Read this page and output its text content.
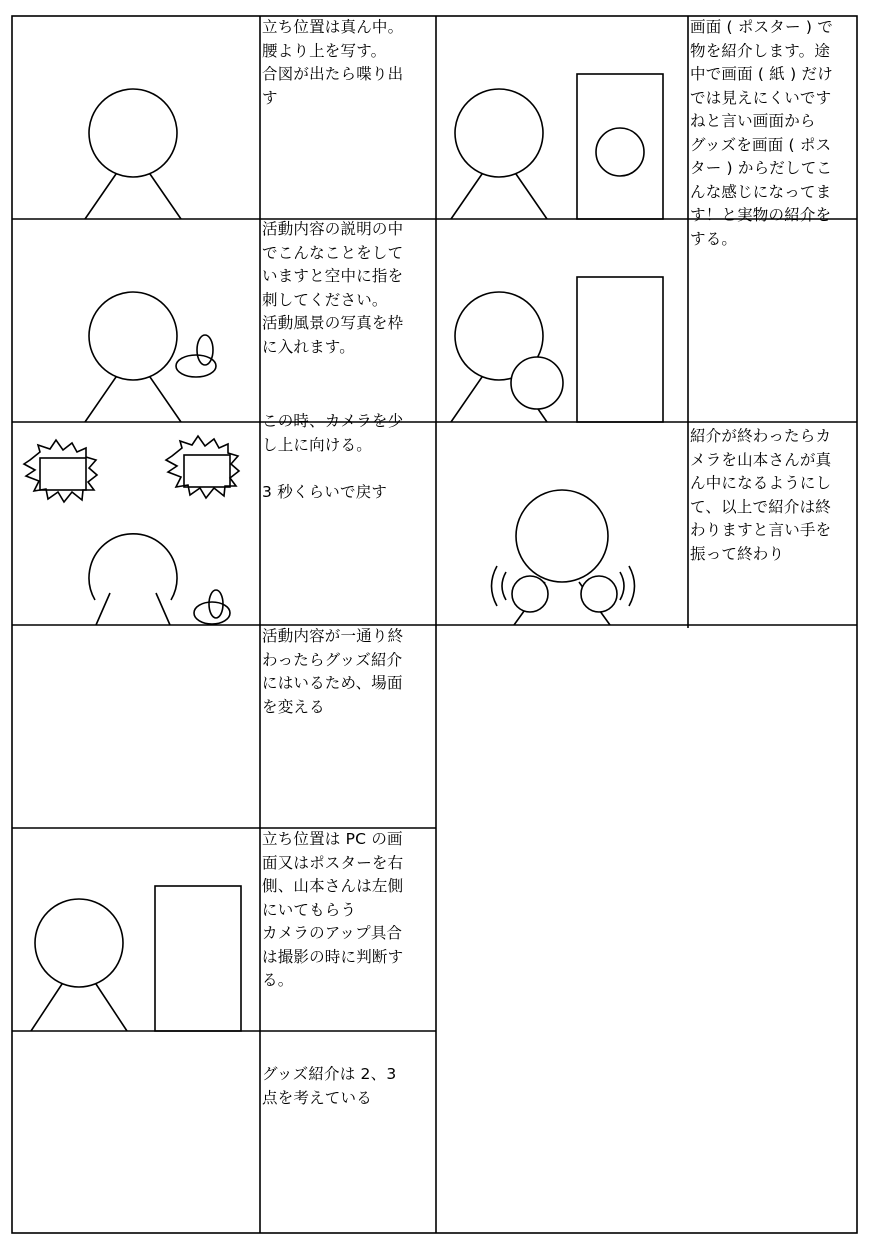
立ち位置は真ん中。
腰より上を写す。
合図が出たら喋り出
す

活動内容の説明の中
でこんなことをして
いますと空中に指を
刺してください。
活動風景の写真を枠
に入れます。

この時、カメラを少
し上に向ける。

3 秒くらいで戻す

活動内容が一通り終
わったらグッズ紹介
にはいるため、場面
を変える

立ち位置は PC の画
面又はポスターを右
側、山本さんは左側
にいてもらう
カメラのアップ具合
は撮影の時に判断す
る。

グッズ紹介は 2、3
点を考えている

画面 ( ポスター ) で
物を紹介します。途
中で画面 ( 紙 ) だけ
では見えにくいです
ねと言い画面から
グッズを画面 ( ポス
ター ) からだしてこ
んな感じになってま
す！と実物の紹介を
する。

紹介が終わったらカ
メラを山本さんが真
ん中になるようにし
て、以上で紹介は終
わりますと言い手を
振って終わり
